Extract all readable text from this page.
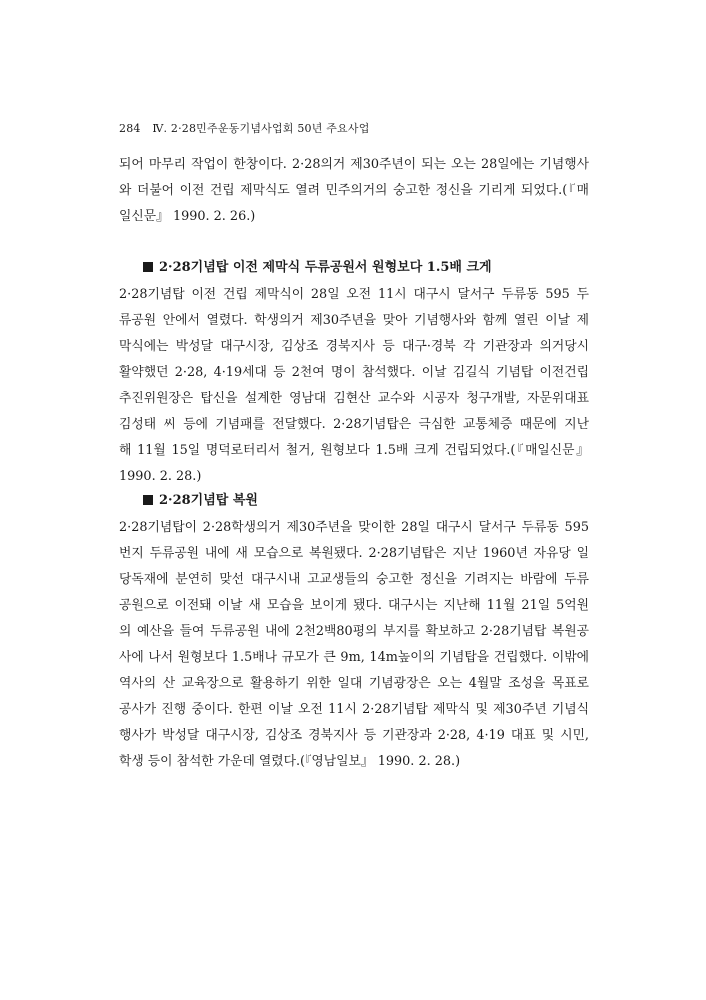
284 Ⅳ. 2·28민주운동기념사업회 50년 주요사업
되어 마무리 작업이 한창이다. 2·28의거 제30주년이 되는 오는 28일에는 기념행사
와 더불어 이전 건립 제막식도 열려 민주의거의 숭고한 정신을 기리게 되었다.(『매
일신문』 1990. 2. 26.)
2·28기념탑 이전 제막식 두류공원서 원형보다 1.5배 크게
2·28기념탑 이전 건립 제막식이 28일 오전 11시 대구시 달서구 두류동 595 두
류공원 안에서 열렸다. 학생의거 제30주년을 맞아 기념행사와 함께 열린 이날 제
막식에는 박성달 대구시장, 김상조 경북지사 등 대구·경북 각 기관장과 의거당시
활약했던 2·28, 4·19세대 등 2천여 명이 참석했다. 이날 김길식 기념탑 이전건립
추진위원장은 탑신을 설계한 영남대 김현산 교수와 시공자 청구개발, 자문위대표
김성태 씨 등에 기념패를 전달했다. 2·28기념탑은 극심한 교통체증 때문에 지난
해 11월 15일 명덕로터리서 철거, 원형보다 1.5배 크게 건립되었다.(『매일신문』
1990. 2. 28.)
2·28기념탑 복원
2·28기념탑이 2·28학생의거 제30주년을 맞이한 28일 대구시 달서구 두류동 595
번지 두류공원 내에 새 모습으로 복원됐다. 2·28기념탑은 지난 1960년 자유당 일
당독재에 분연히 맞선 대구시내 고교생들의 숭고한 정신을 기려지는 바람에 두류
공원으로 이전돼 이날 새 모습을 보이게 됐다. 대구시는 지난해 11월 21일 5억원
의 예산을 들여 두류공원 내에 2천2백80평의 부지를 확보하고 2·28기념탑 복원공
사에 나서 원형보다 1.5배나 규모가 큰 9m, 14m높이의 기념탑을 건립했다. 이밖에
역사의 산 교육장으로 활용하기 위한 일대 기념광장은 오는 4월말 조성을 목표로
공사가 진행 중이다. 한편 이날 오전 11시 2·28기념탑 제막식 및 제30주년 기념식
행사가 박성달 대구시장, 김상조 경북지사 등 기관장과 2·28, 4·19 대표 및 시민,
학생 등이 참석한 가운데 열렸다.(『영남일보』 1990. 2. 28.)
